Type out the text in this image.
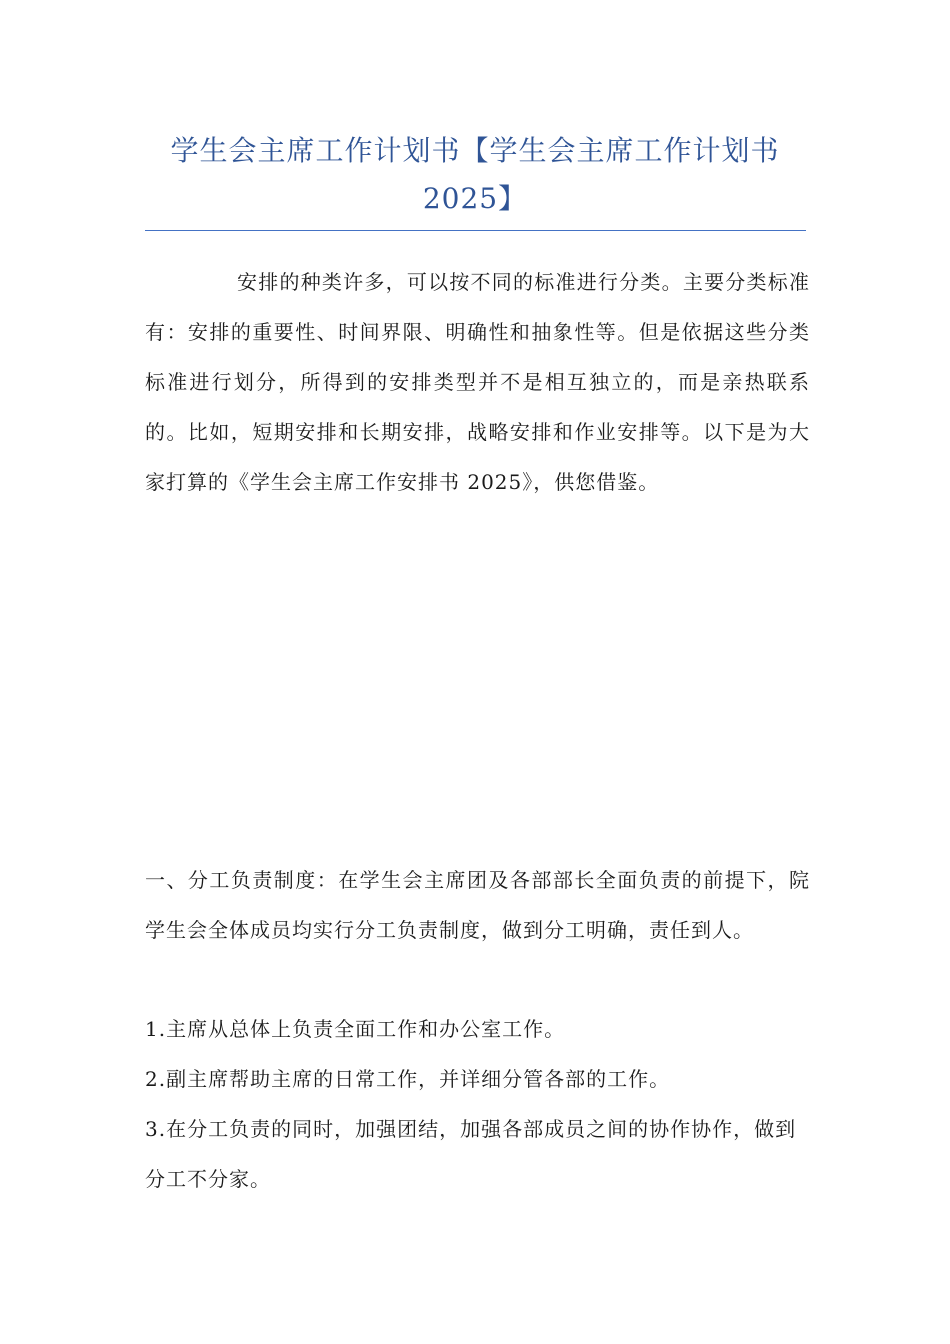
学生会主席工作计划书【学生会主席工作计划书
2025】
安排的种类许多，可以按不同的标准进行分类。主要分类标准有：安排的重要性、时间界限、明确性和抽象性等。但是依据这些分类标准进行划分，所得到的安排类型并不是相互独立的，而是亲热联系的。比如，短期安排和长期安排，战略安排和作业安排等。以下是为大家打算的《学生会主席工作安排书 2025》，供您借鉴。
一、分工负责制度：在学生会主席团及各部部长全面负责的前提下，院学生会全体成员均实行分工负责制度，做到分工明确，责任到人。
1.主席从总体上负责全面工作和办公室工作。
2.副主席帮助主席的日常工作，并详细分管各部的工作。
3.在分工负责的同时，加强团结，加强各部成员之间的协作协作，做到分工不分家。
